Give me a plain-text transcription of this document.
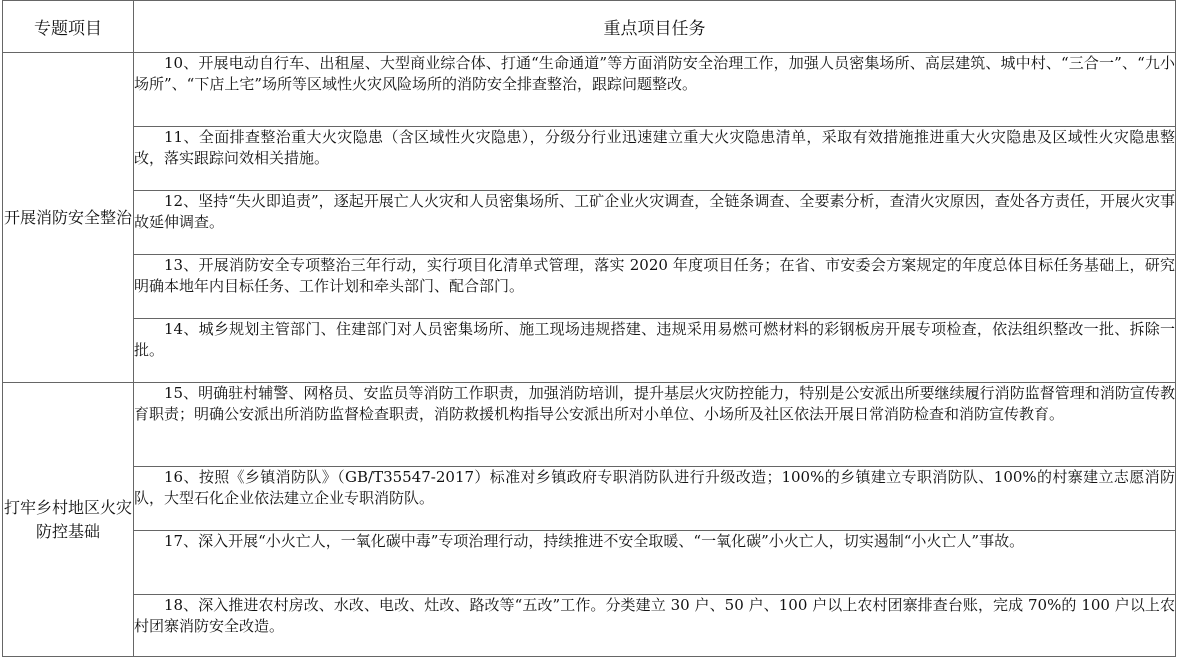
专题项目	重点项目任务
开展消防安全整治	10、开展电动自行车、出租屋、大型商业综合体、打通“生命通道”等方面消防安全治理工作，加强人员密集场所、高层建筑、城中村、“三合一”、“九小场所”、“下店上宅”场所等区域性火灾风险场所的消防安全排查整治，跟踪问题整改。

	11、全面排查整治重大火灾隐患（含区域性火灾隐患），分级分行业迅速建立重大火灾隐患清单，采取有效措施推进重大火灾隐患及区域性火灾隐患整改，落实跟踪问效相关措施。

	12、坚持“失火即追责”，逐起开展亡人火灾和人员密集场所、工矿企业火灾调查，全链条调查、全要素分析，查清火灾原因，查处各方责任，开展火灾事故延伸调查。

	13、开展消防安全专项整治三年行动，实行项目化清单式管理，落实 2020 年度项目任务；在省、市安委会方案规定的年度总体目标任务基础上，研究明确本地年内目标任务、工作计划和牵头部门、配合部门。

	14、城乡规划主管部门、住建部门对人员密集场所、施工现场违规搭建、违规采用易燃可燃材料的彩钢板房开展专项检查，依法组织整改一批、拆除一批。

打牢乡村地区火灾防控基础	15、明确驻村辅警、网格员、安监员等消防工作职责，加强消防培训，提升基层火灾防控能力，特别是公安派出所要继续履行消防监督管理和消防宣传教育职责；明确公安派出所消防监督检查职责，消防救援机构指导公安派出所对小单位、小场所及社区依法开展日常消防检查和消防宣传教育。

	16、按照《乡镇消防队》（GB/T35547-2017）标准对乡镇政府专职消防队进行升级改造；100%的乡镇建立专职消防队、100%的村寨建立志愿消防队，大型石化企业依法建立企业专职消防队。

	17、深入开展“小火亡人，一氧化碳中毒”专项治理行动，持续推进不安全取暖、“一氧化碳”小火亡人，切实遏制“小火亡人”事故。

	18、深入推进农村房改、水改、电改、灶改、路改等“五改”工作。分类建立 30 户、50 户、100 户以上农村团寨排查台账，完成 70%的 100 户以上农村团寨消防安全改造。
